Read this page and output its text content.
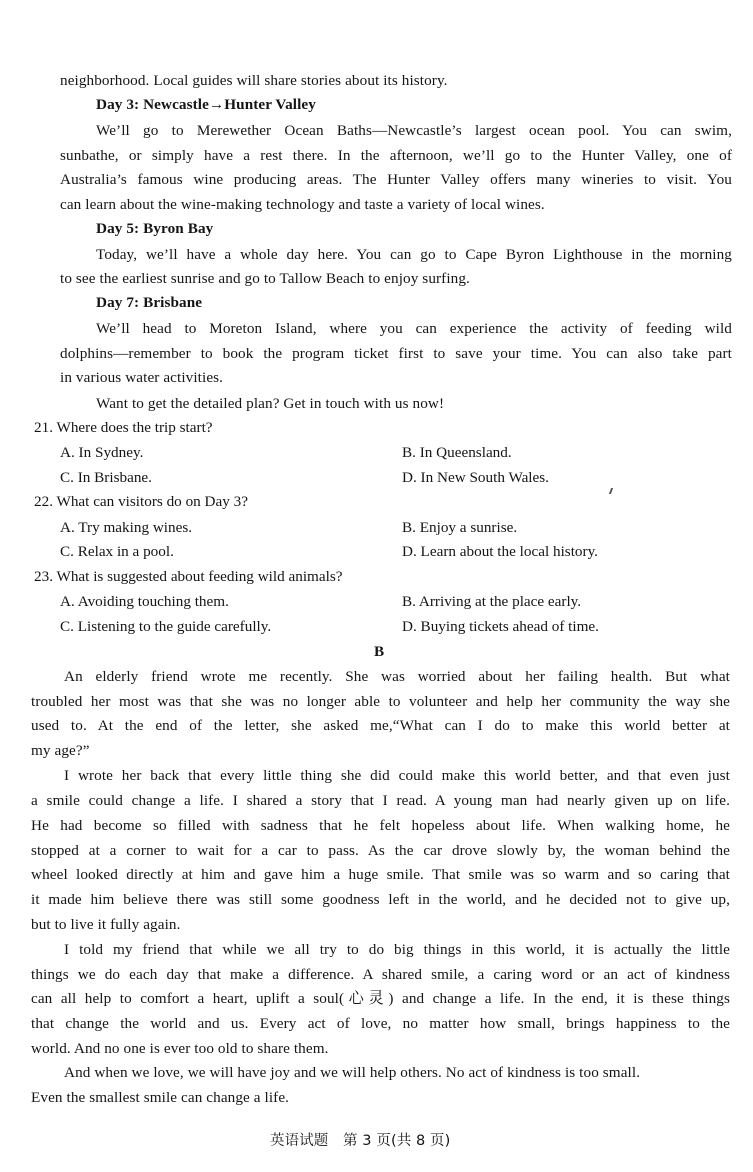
neighborhood. Local guides will share stories about its history.
Day 3: Newcastle→Hunter Valley
We’ll go to Merewether Ocean Baths—Newcastle’s largest ocean pool. You can swim,
sunbathe, or simply have a rest there. In the afternoon, we’ll go to the Hunter Valley, one of
Australia’s famous wine producing areas. The Hunter Valley offers many wineries to visit. You
can learn about the wine-making technology and taste a variety of local wines.
Day 5: Byron Bay
Today, we’ll have a whole day here. You can go to Cape Byron Lighthouse in the morning
to see the earliest sunrise and go to Tallow Beach to enjoy surfing.
Day 7: Brisbane
We’ll head to Moreton Island, where you can experience the activity of feeding wild
dolphins—remember to book the program ticket first to save your time. You can also take part
in various water activities.
Want to get the detailed plan? Get in touch with us now!
21. Where does the trip start?
A. In Sydney.	B. In Queensland.
C. In Brisbane.	D. In New South Wales.
22. What can visitors do on Day 3?
A. Try making wines.	B. Enjoy a sunrise.
C. Relax in a pool.	D. Learn about the local history.
23. What is suggested about feeding wild animals?
A. Avoiding touching them.	B. Arriving at the place early.
C. Listening to the guide carefully.	D. Buying tickets ahead of time.
B
An elderly friend wrote me recently. She was worried about her failing health. But what
troubled her most was that she was no longer able to volunteer and help her community the way she
used to. At the end of the letter, she asked me,“What can I do to make this world better at
my age?”
I wrote her back that every little thing she did could make this world better, and that even just
a smile could change a life. I shared a story that I read. A young man had nearly given up on life.
He had become so filled with sadness that he felt hopeless about life. When walking home, he
stopped at a corner to wait for a car to pass. As the car drove slowly by, the woman behind the
wheel looked directly at him and gave him a huge smile. That smile was so warm and so caring that
it made him believe there was still some goodness left in the world, and he decided not to give up,
but to live it fully again.
I told my friend that while we all try to do big things in this world, it is actually the little
things we do each day that make a difference. A shared smile, a caring word or an act of kindness
can all help to comfort a heart, uplift a soul(心灵) and change a life. In the end, it is these things
that change the world and us. Every act of love, no matter how small, brings happiness to the
world. And no one is ever too old to share them.
And when we love, we will have joy and we will help others. No act of kindness is too small.
Even the smallest smile can change a life.
英语试题　第 3 页(共 8 页)
